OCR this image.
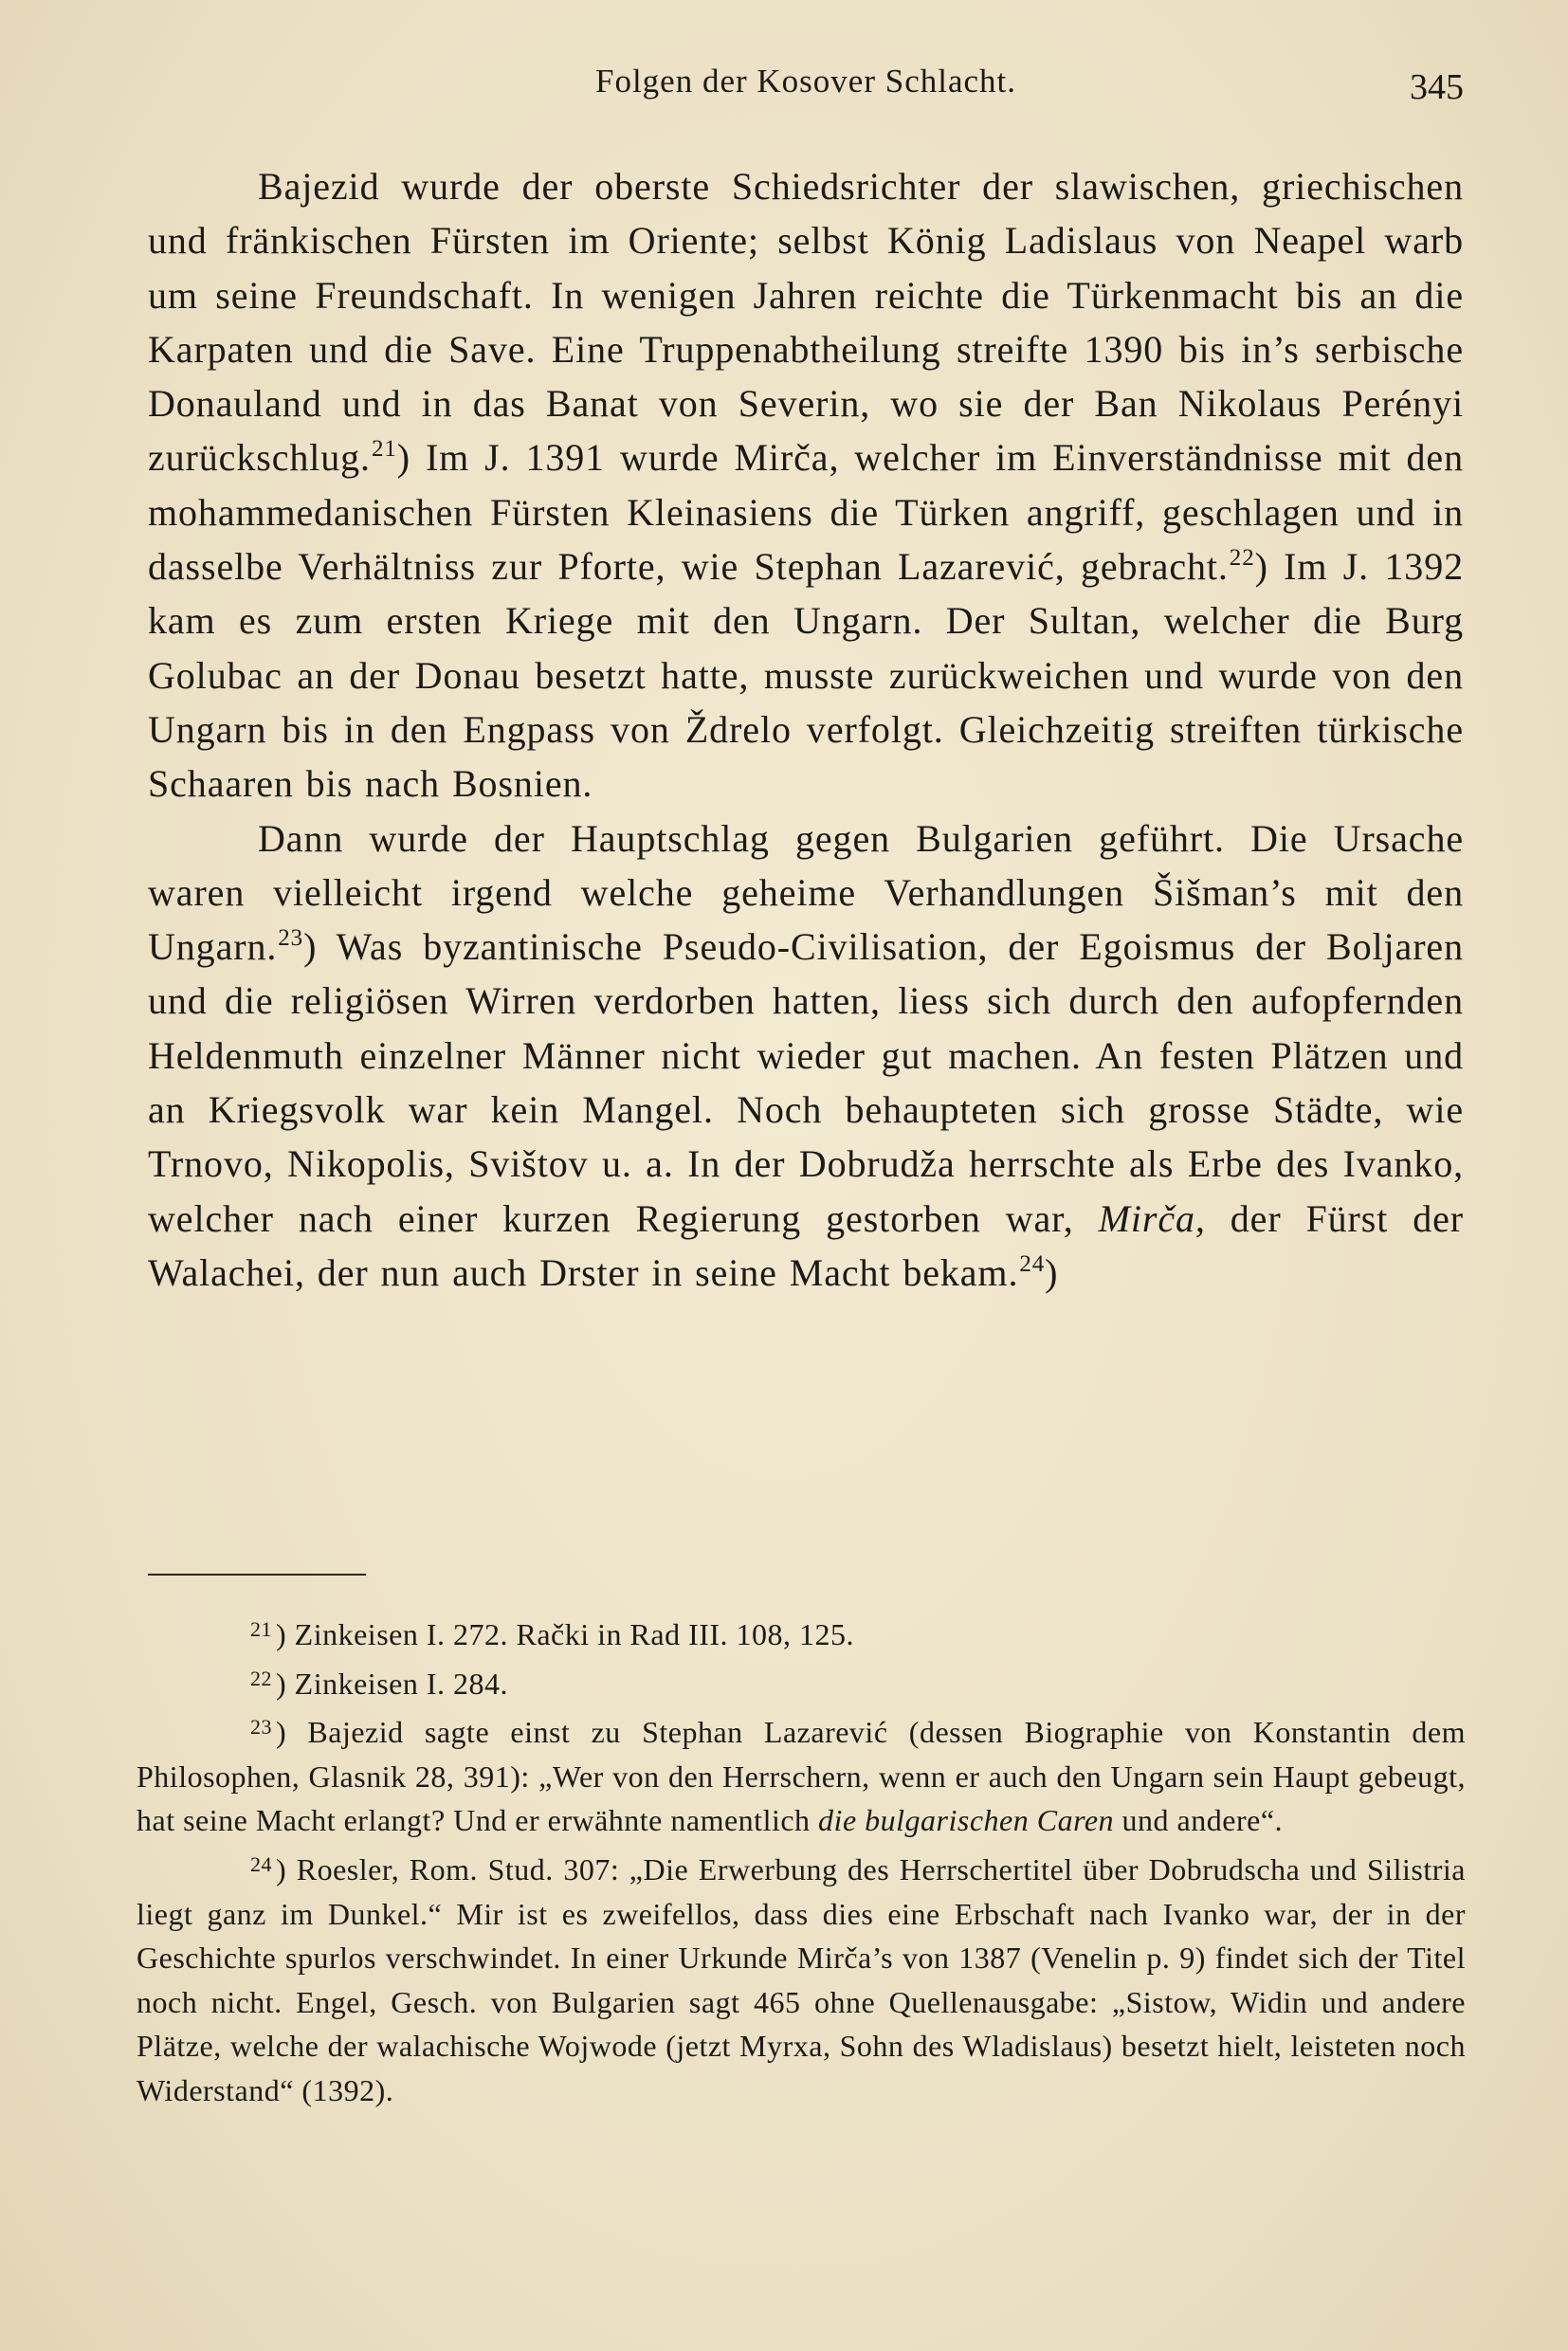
Folgen der Kosover Schlacht.	345

Bajezid wurde der oberste Schiedsrichter der slawischen, griechischen und fränkischen Fürsten im Oriente; selbst König Ladislaus von Neapel warb um seine Freundschaft. In wenigen Jahren reichte die Türkenmacht bis an die Karpaten und die Save. Eine Truppenabtheilung streifte 1390 bis in’s serbische Donauland und in das Banat von Severin, wo sie der Ban Nikolaus Perényi zurückschlug.$^{21}$) Im J. 1391 wurde Mirča, welcher im Einverständnisse mit den mohammedanischen Fürsten Kleinasiens die Türken angriff, geschlagen und in dasselbe Verhältniss zur Pforte, wie Stephan Lazarević, gebracht.$^{22}$) Im J. 1392 kam es zum ersten Kriege mit den Ungarn. Der Sultan, welcher die Burg Golubac an der Donau besetzt hatte, musste zurückweichen und wurde von den Ungarn bis in den Engpass von Ždrelo verfolgt. Gleichzeitig streiften türkische Schaaren bis nach Bosnien.

Dann wurde der Hauptschlag gegen Bulgarien geführt. Die Ursache waren vielleicht irgend welche geheime Verhandlungen Šišman’s mit den Ungarn.$^{23}$) Was byzantinische Pseudo-Civilisation, der Egoismus der Boljaren und die religiösen Wirren verdorben hatten, liess sich durch den aufopfernden Heldenmuth einzelner Männer nicht wieder gut machen. An festen Plätzen und an Kriegsvolk war kein Mangel. Noch behaupteten sich grosse Städte, wie Trnovo, Nikopolis, Svištov u. a. In der Dobrudža herrschte als Erbe des Ivanko, welcher nach einer kurzen Regierung gestorben war, Mirča, der Fürst der Walachei, der nun auch Drster in seine Macht bekam.$^{24}$)

$^{21}$ ) Zinkeisen I. 272. Rački in Rad III. 108, 125.

$^{22}$ ) Zinkeisen I. 284.

$^{23}$ ) Bajezid sagte einst zu Stephan Lazarević (dessen Biographie von Konstantin dem Philosophen, Glasnik 28, 391): „Wer von den Herrschern, wenn er auch den Ungarn sein Haupt gebeugt, hat seine Macht erlangt? Und er erwähnte namentlich die bulgarischen Caren und andere“.

$^{24}$ ) Roesler, Rom. Stud. 307: „Die Erwerbung des Herrschertitel über Dobrudscha und Silistria liegt ganz im Dunkel.“ Mir ist es zweifellos, dass dies eine Erbschaft nach Ivanko war, der in der Geschichte spurlos verschwindet. In einer Urkunde Mirča’s von 1387 (Venelin p. 9) findet sich der Titel noch nicht. Engel, Gesch. von Bulgarien sagt 465 ohne Quellenausgabe: „Sistow, Widin und andere Plätze, welche der walachische Wojwode (jetzt Myrxa, Sohn des Wladislaus) besetzt hielt, leisteten noch Widerstand“ (1392).
